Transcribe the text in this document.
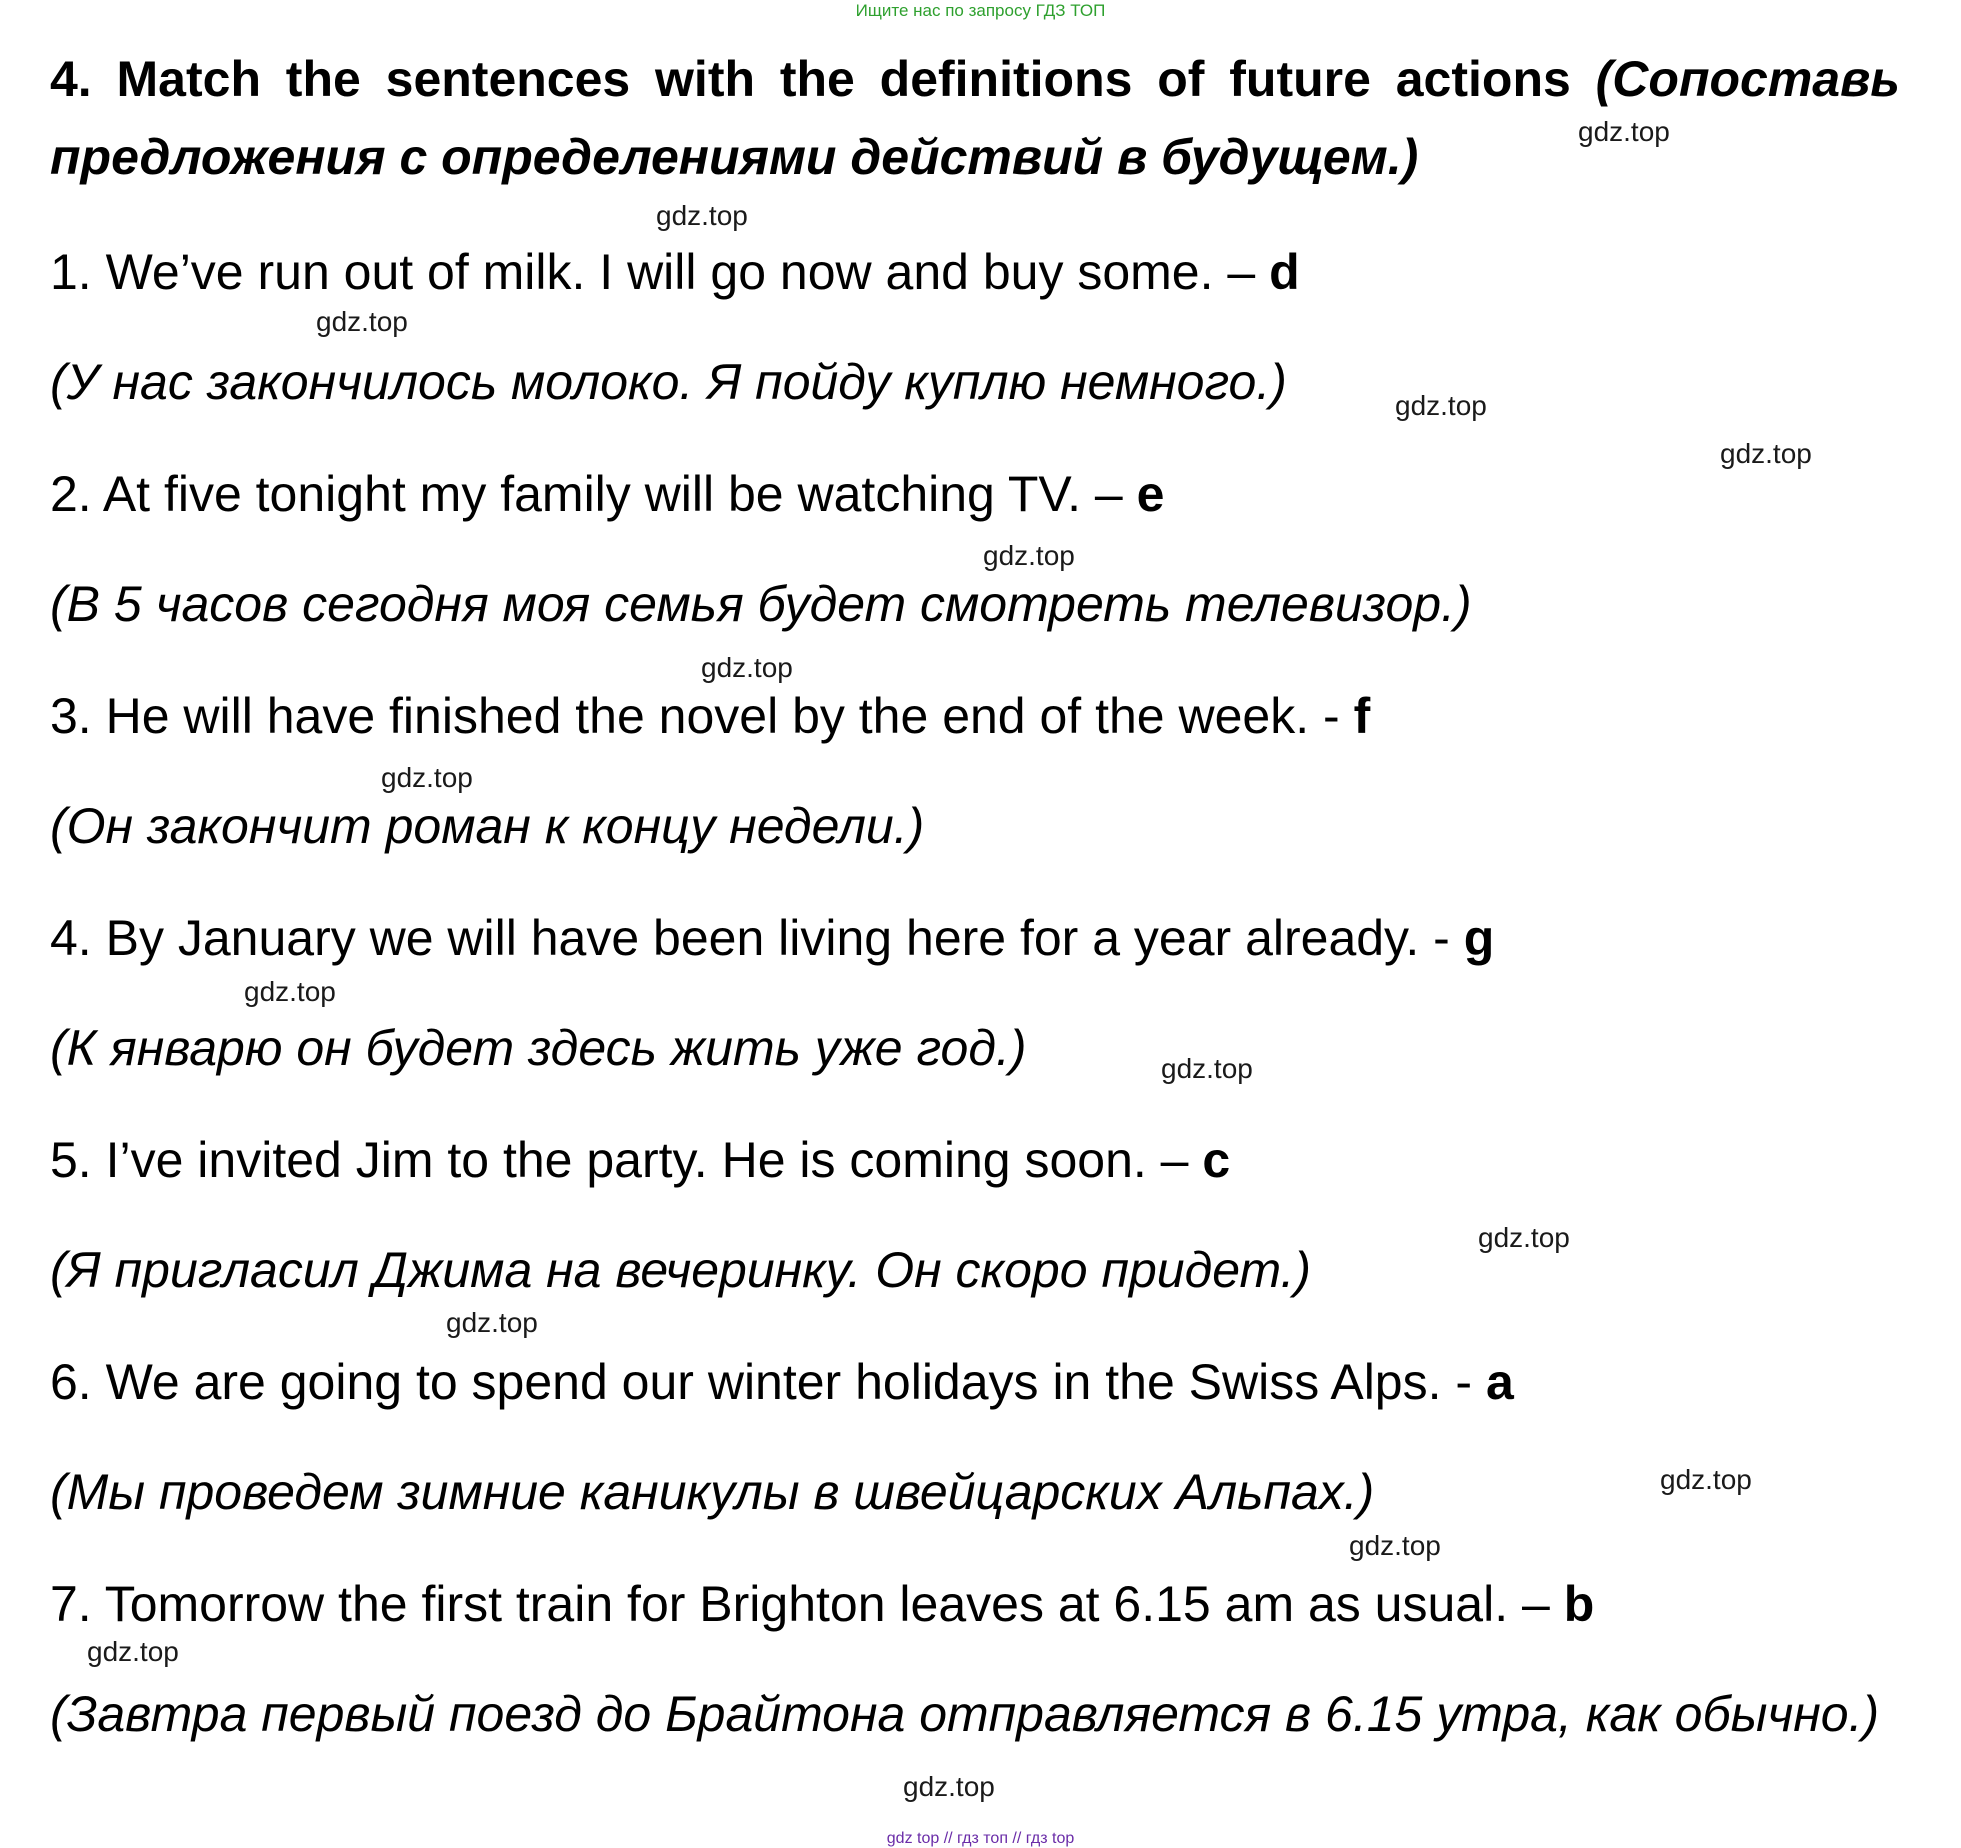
Ищите нас по запросу ГДЗ ТОП
4. Match the sentences with the definitions of future actions (Сопоставь предложения с определениями действий в будущем.)

1. We’ve run out of milk. I will go now and buy some. – d

(У нас закончилось молоко. Я пойду куплю немного.)

2. At five tonight my family will be watching TV. – e

(В 5 часов сегодня моя семья будет смотреть телевизор.)

3. He will have finished the novel by the end of the week. - f

(Он закончит роман к концу недели.)

4. By January we will have been living here for a year already. - g

(К январю он будет здесь жить уже год.)

5. I’ve invited Jim to the party. He is coming soon. – c

(Я пригласил Джима на вечеринку. Он скоро придет.)

6. We are going to spend our winter holidays in the Swiss Alps. - a

(Мы проведем зимние каникулы в швейцарских Альпах.)

7. Tomorrow the first train for Brighton leaves at 6.15 am as usual. – b

(Завтра первый поезд до Брайтона отправляется в 6.15 утра, как обычно.)

gdz.top
gdz.top
gdz.top
gdz.top
gdz.top
gdz.top
gdz.top
gdz.top
gdz.top
gdz.top
gdz.top
gdz.top
gdz.top
gdz.top
gdz.top
gdz.top
gdz top // гдз топ // гдз top
